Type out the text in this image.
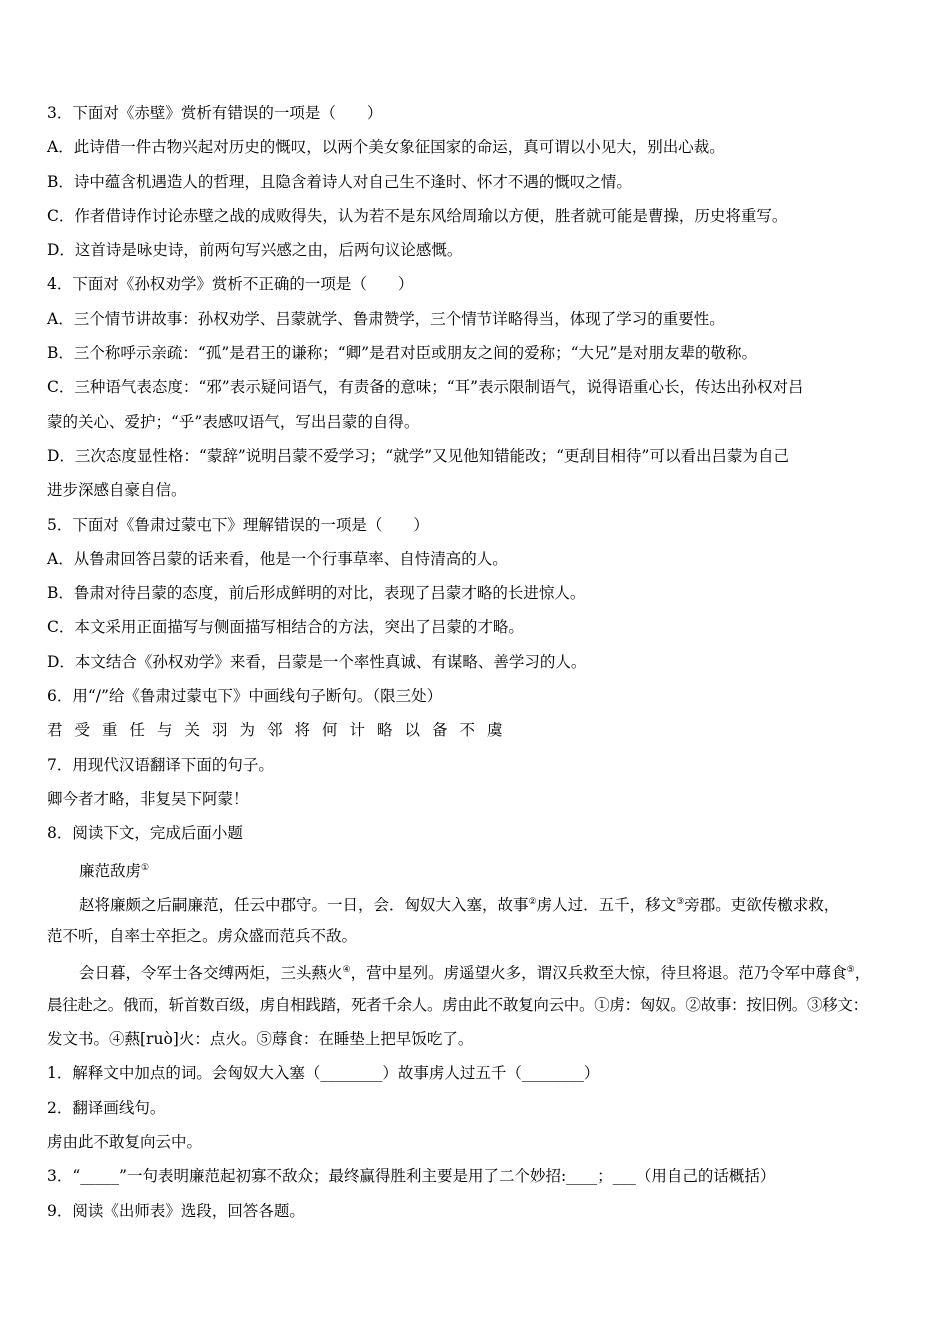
3．下面对《赤壁》赏析有错误的一项是（　　）
A．此诗借一件古物兴起对历史的慨叹，以两个美女象征国家的命运，真可谓以小见大，别出心裁。
B．诗中蕴含机遇造人的哲理，且隐含着诗人对自己生不逢时、怀才不遇的慨叹之情。
C．作者借诗作讨论赤壁之战的成败得失，认为若不是东风给周瑜以方便，胜者就可能是曹操，历史将重写。
D．这首诗是咏史诗，前两句写兴感之由，后两句议论感慨。
4．下面对《孙权劝学》赏析不正确的一项是（　　）
A．三个情节讲故事：孙权劝学、吕蒙就学、鲁肃赞学，三个情节详略得当，体现了学习的重要性。
B．三个称呼示亲疏：“孤”是君王的谦称；“卿”是君对臣或朋友之间的爱称；“大兄”是对朋友辈的敬称。
C．三种语气表态度：“邪”表示疑问语气，有责备的意味；“耳”表示限制语气，说得语重心长，传达出孙权对吕
蒙的关心、爱护；“乎”表感叹语气，写出吕蒙的自得。
D．三次态度显性格：“蒙辞”说明吕蒙不爱学习；“就学”又见他知错能改；“更刮目相待”可以看出吕蒙为自己
进步深感自豪自信。
5．下面对《鲁肃过蒙屯下》理解错误的一项是（　　）
A．从鲁肃回答吕蒙的话来看，他是一个行事草率、自恃清高的人。
B．鲁肃对待吕蒙的态度，前后形成鲜明的对比，表现了吕蒙才略的长进惊人。
C．本文采用正面描写与侧面描写相结合的方法，突出了吕蒙的才略。
D．本文结合《孙权劝学》来看，吕蒙是一个率性真诚、有谋略、善学习的人。
6．用“/”给《鲁肃过蒙屯下》中画线句子断句。（限三处）
君受重任与关羽为邻将何计略以备不虞
7．用现代汉语翻译下面的句子。
卿今者才略，非复吴下阿蒙！
8．阅读下文，完成后面小题
廉范敌虏①
赵将廉颇之后嗣廉范，任云中郡守。一日，会．匈奴大入塞，故事②虏人过．五千，移文③旁郡。吏欲传檄求救，
范不听，自率士卒拒之。虏众盛而范兵不敌。
会日暮，令军士各交缚两炬，三头爇火④，营中星列。虏遥望火多，谓汉兵救至大惊，待旦将退。范乃令军中蓐食⑤，
晨往赴之。俄而，斩首数百级，虏自相践踏，死者千余人。虏由此不敢复向云中。①虏：匈奴。②故事：按旧例。③移文：
发文书。④爇[ruò]火：点火。⑤蓐食：在睡垫上把早饭吃了。
1．解释文中加点的词。会匈奴大入塞（________）故事虏人过五千（________）
2．翻译画线句。
虏由此不敢复向云中。
3．“_____”一句表明廉范起初寡不敌众；最终赢得胜利主要是用了二个妙招:____；___（用自己的话概括）
9．阅读《出师表》选段，回答各题。
